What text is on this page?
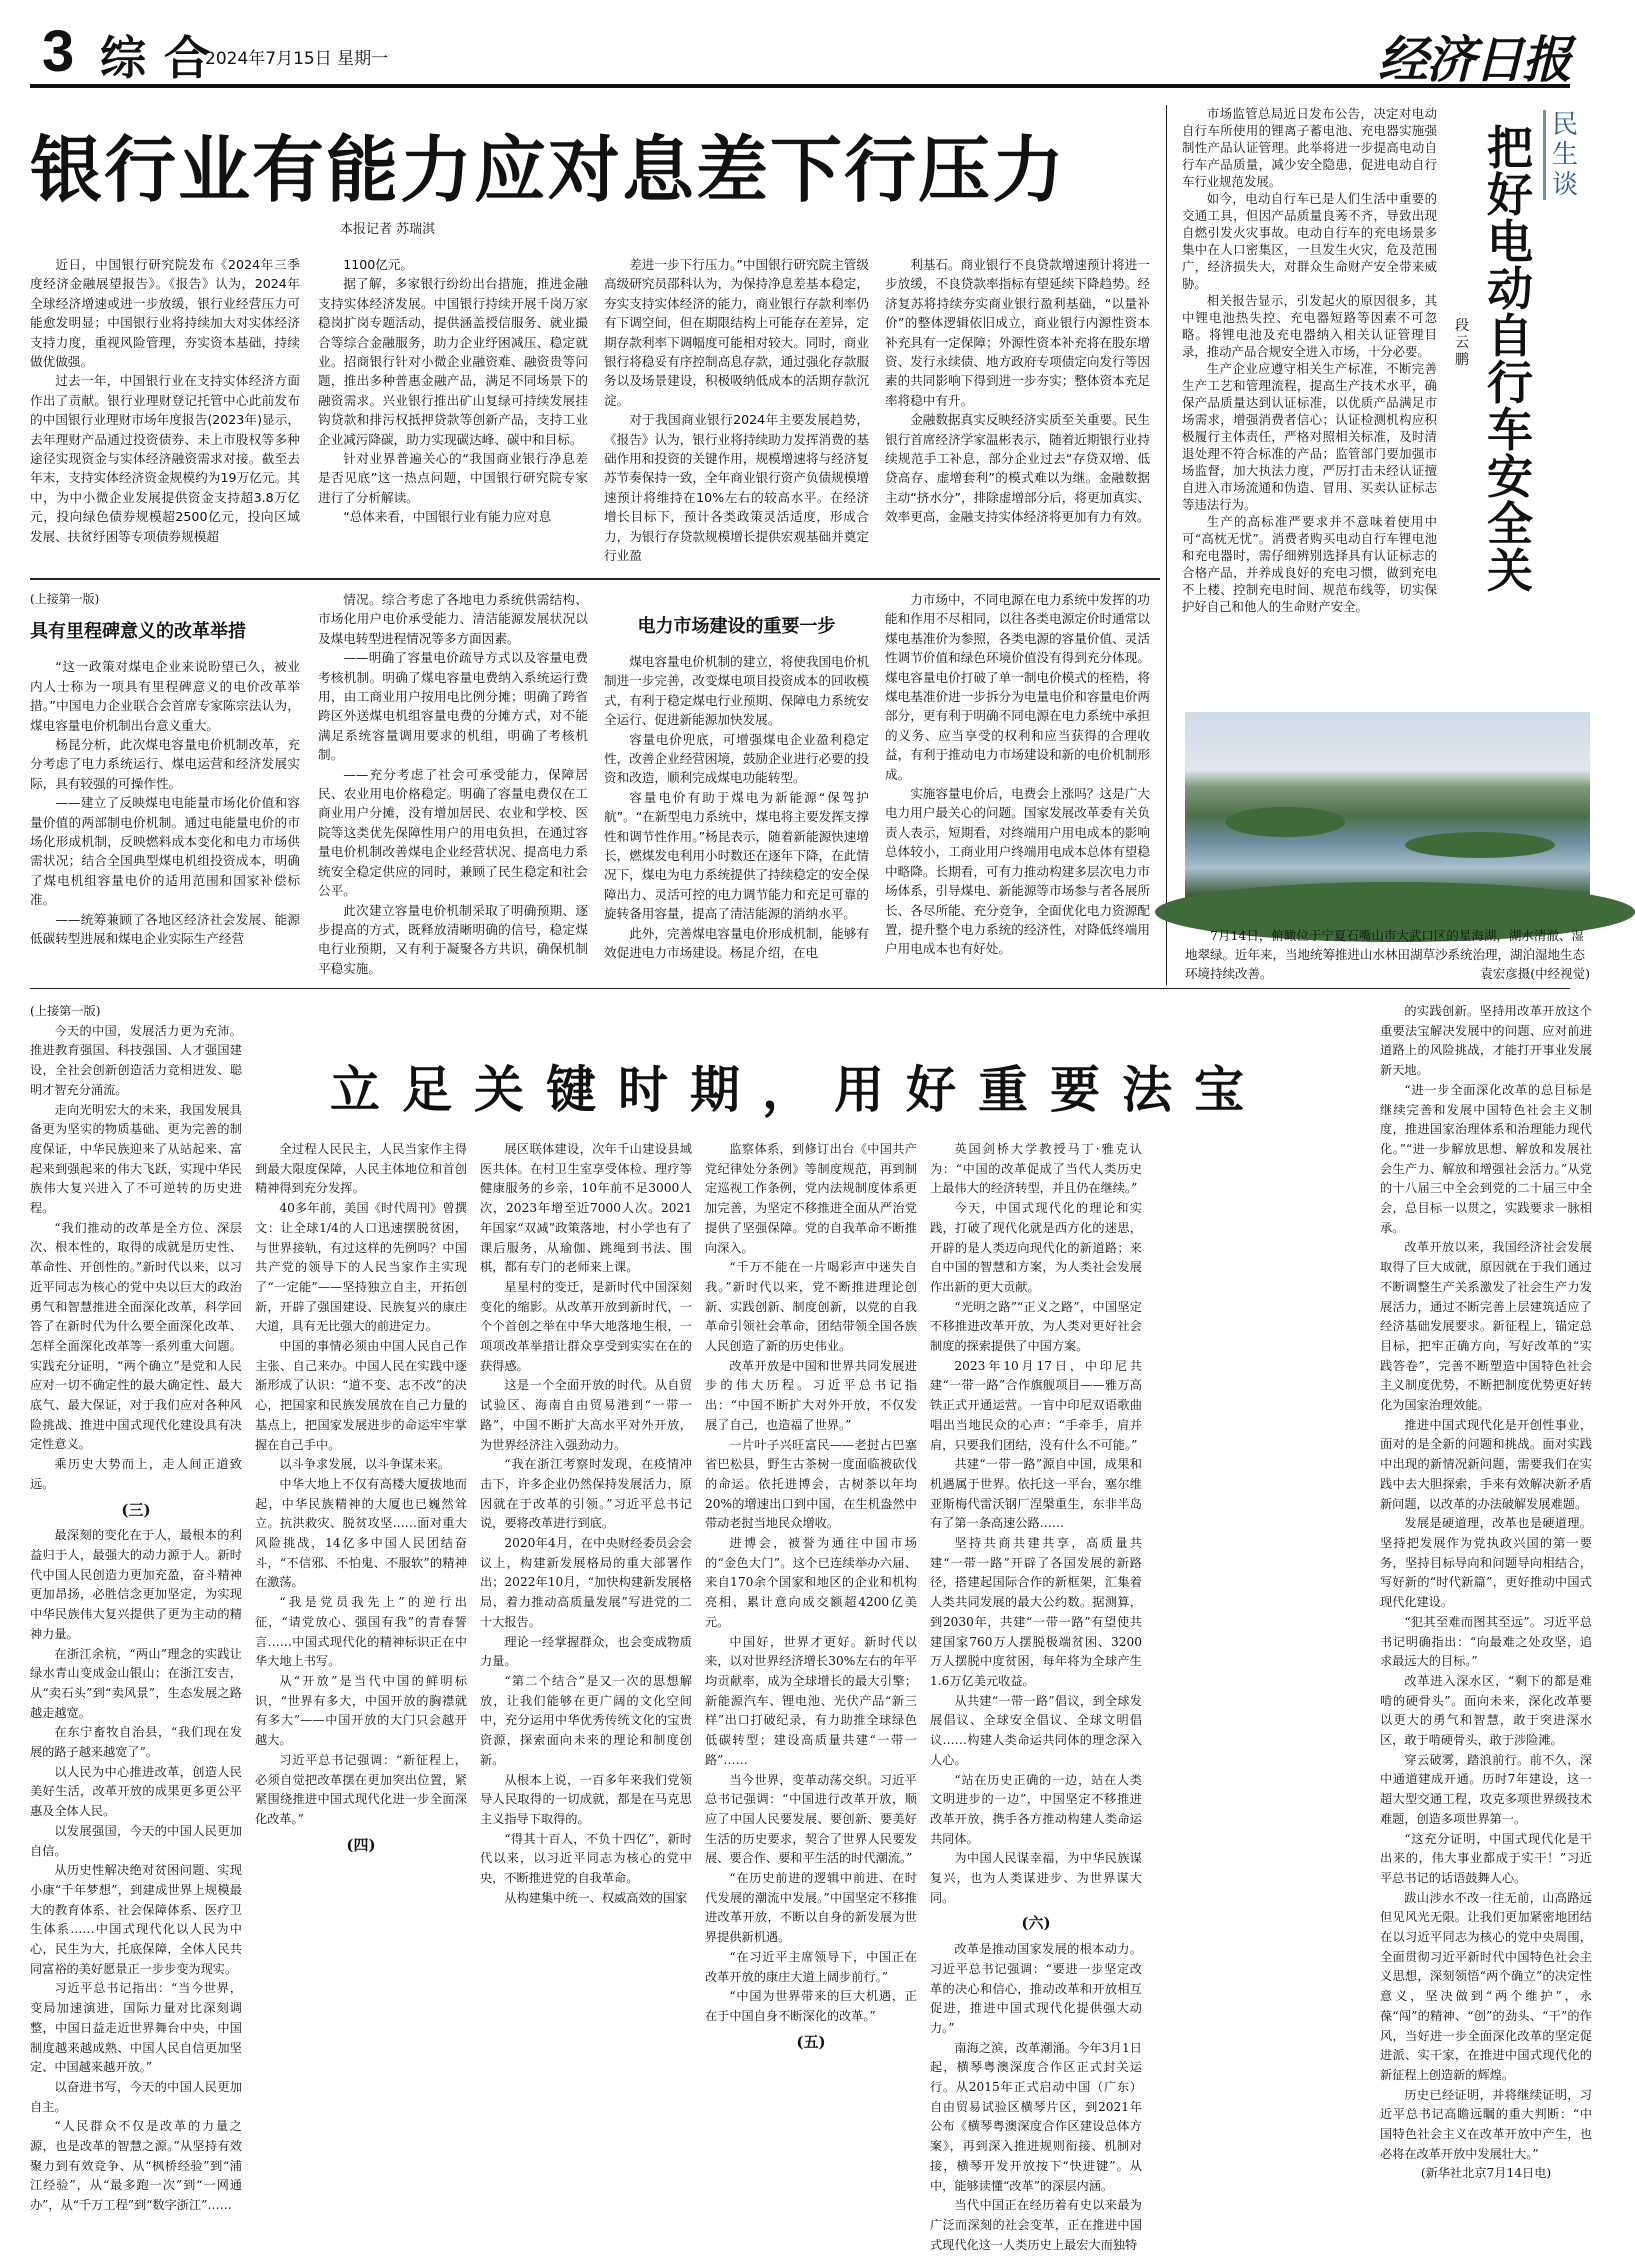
3 综合
2024年7月15日 星期一	经济日报
银行业有能力应对息差下行压力
本报记者 苏瑞淇

近日，中国银行研究院发布《2024年三季度经济金融展望报告》。《报告》认为，2024年全球经济增速或进一步放缓，银行业经营压力可能愈发明显；中国银行业将持续加大对实体经济支持力度，重视风险管理，夯实资本基础，持续做优做强。

过去一年，中国银行业在支持实体经济方面作出了贡献。银行业理财登记托管中心此前发布的中国银行业理财市场年度报告(2023年)显示，去年理财产品通过投资债券、未上市股权等多种途径实现资金与实体经济融资需求对接。截至去年末，支持实体经济资金规模约为19万亿元。其中，为中小微企业发展提供资金支持超3.8万亿元，投向绿色债券规模超2500亿元，投向区域发展、扶贫纾困等专项债券规模超

1100亿元。

据了解，多家银行纷纷出台措施，推进金融支持实体经济发展。中国银行持续开展千岗万家稳岗扩岗专题活动，提供涵盖授信服务、就业撮合等综合金融服务，助力企业纾困减压、稳定就业。招商银行针对小微企业融资难、融资贵等问题，推出多种普惠金融产品，满足不同场景下的融资需求。兴业银行推出矿山复绿可持续发展挂钩贷款和排污权抵押贷款等创新产品，支持工业企业减污降碳，助力实现碳达峰、碳中和目标。

针对业界普遍关心的“我国商业银行净息差是否见底”这一热点问题，中国银行研究院专家进行了分析解读。

“总体来看，中国银行业有能力应对息

差进一步下行压力。”中国银行研究院主管级高级研究员邵科认为，为保持净息差基本稳定，夯实支持实体经济的能力，商业银行存款利率仍有下调空间，但在期限结构上可能存在差异，定期存款利率下调幅度可能相对较大。同时，商业银行将稳妥有序控制高息存款，通过强化存款服务以及场景建设，积极吸纳低成本的活期存款沉淀。

对于我国商业银行2024年主要发展趋势，《报告》认为，银行业将持续助力发挥消费的基础作用和投资的关键作用，规模增速将与经济复苏节奏保持一致，全年商业银行资产负债规模增速预计将维持在10%左右的较高水平。在经济增长目标下，预计各类政策灵活适度，形成合力，为银行存贷款规模增长提供宏观基础并奠定行业盈

利基石。商业银行不良贷款增速预计将进一步放缓，不良贷款率指标有望延续下降趋势。经济复苏将持续夯实商业银行盈利基础，“以量补价”的整体逻辑依旧成立，商业银行内源性资本补充具有一定保障；外源性资本补充将在股东增资、发行永续债、地方政府专项债定向发行等因素的共同影响下得到进一步夯实；整体资本充足率将稳中有升。

金融数据真实反映经济实质至关重要。民生银行首席经济学家温彬表示，随着近期银行业持续规范手工补息，部分企业过去“存贷双增、低贷高存、虚增套利”的模式难以为继。金融数据主动“挤水分”，排除虚增部分后，将更加真实、效率更高，金融支持实体经济将更加有力有效。

(上接第一版)

具有里程碑意义的改革举措

“这一政策对煤电企业来说盼望已久，被业内人士称为一项具有里程碑意义的电价改革举措。”中国电力企业联合会首席专家陈宗法认为，煤电容量电价机制出台意义重大。

杨昆分析，此次煤电容量电价机制改革，充分考虑了电力系统运行、煤电运营和经济发展实际，具有较强的可操作性。

——建立了反映煤电电能量市场化价值和容量价值的两部制电价机制。通过电能量电价的市场化形成机制，反映燃料成本变化和电力市场供需状况；结合全国典型煤电机组投资成本，明确了煤电机组容量电价的适用范围和国家补偿标准。

——统筹兼顾了各地区经济社会发展、能源低碳转型进展和煤电企业实际生产经营

情况。综合考虑了各地电力系统供需结构、市场化用户电价承受能力、清洁能源发展状况以及煤电转型进程情况等多方面因素。

——明确了容量电价疏导方式以及容量电费考核机制。明确了煤电容量电费纳入系统运行费用，由工商业用户按用电比例分摊；明确了跨省跨区外送煤电机组容量电费的分摊方式，对不能满足系统容量调用要求的机组，明确了考核机制。

——充分考虑了社会可承受能力，保障居民、农业用电价格稳定。明确了容量电费仅在工商业用户分摊，没有增加居民、农业和学校、医院等这类优先保障性用户的用电负担，在通过容量电价机制改善煤电企业经营状况、提高电力系统安全稳定供应的同时，兼顾了民生稳定和社会公平。

此次建立容量电价机制采取了明确预期、逐步提高的方式，既释放清晰明确的信号，稳定煤电行业预期，又有利于凝聚各方共识，确保机制平稳实施。

电力市场建设的重要一步

煤电容量电价机制的建立，将使我国电价机制进一步完善，改变煤电项目投资成本的回收模式，有利于稳定煤电行业预期、保障电力系统安全运行、促进新能源加快发展。

容量电价兜底，可增强煤电企业盈利稳定性，改善企业经营困境，鼓励企业进行必要的投资和改造，顺利完成煤电功能转型。

容量电价有助于煤电为新能源“保驾护航”。“在新型电力系统中，煤电将主要发挥支撑性和调节性作用。”杨昆表示，随着新能源快速增长，燃煤发电利用小时数还在逐年下降，在此情况下，煤电为电力系统提供了持续稳定的安全保障出力、灵活可控的电力调节能力和充足可靠的旋转备用容量，提高了清洁能源的消纳水平。

此外，完善煤电容量电价形成机制，能够有效促进电力市场建设。杨昆介绍，在电

力市场中，不同电源在电力系统中发挥的功能和作用不尽相同，以往各类电源定价时通常以煤电基准价为参照，各类电源的容量价值、灵活性调节价值和绿色环境价值没有得到充分体现。煤电容量电价打破了单一制电价模式的桎梏，将煤电基准价进一步拆分为电量电价和容量电价两部分，更有利于明确不同电源在电力系统中承担的义务、应当享受的权利和应当获得的合理收益，有利于推动电力市场建设和新的电价机制形成。

实施容量电价后，电费会上涨吗？这是广大电力用户最关心的问题。国家发展改革委有关负责人表示，短期看，对终端用户用电成本的影响总体较小，工商业用户终端用电成本总体有望稳中略降。长期看，可有力推动构建多层次电力市场体系，引导煤电、新能源等市场参与者各展所长、各尽所能、充分竞争，全面优化电力资源配置，提升整个电力系统的经济性，对降低终端用户用电成本也有好处。

市场监管总局近日发布公告，决定对电动自行车所使用的锂离子蓄电池、充电器实施强制性产品认证管理。此举将进一步提高电动自行车产品质量，减少安全隐患，促进电动自行车行业规范发展。

如今，电动自行车已是人们生活中重要的交通工具，但因产品质量良莠不齐，导致出现自燃引发火灾事故。电动自行车的充电场景多集中在人口密集区，一旦发生火灾，危及范围广，经济损失大，对群众生命财产安全带来威胁。

相关报告显示，引发起火的原因很多，其中锂电池热失控、充电器短路等因素不可忽略。将锂电池及充电器纳入相关认证管理目录，推动产品合规安全进入市场，十分必要。

生产企业应遵守相关生产标准，不断完善生产工艺和管理流程，提高生产技术水平，确保产品质量达到认证标准，以优质产品满足市场需求，增强消费者信心；认证检测机构应积极履行主体责任，严格对照相关标准，及时清退处理不符合标准的产品；监管部门要加强市场监督，加大执法力度，严厉打击未经认证擅自进入市场流通和伪造、冒用、买卖认证标志等违法行为。

生产的高标准严要求并不意味着使用中可“高枕无忧”。消费者购买电动自行车锂电池和充电器时，需仔细辨别选择具有认证标志的合格产品，并养成良好的充电习惯，做到充电不上楼、控制充电时间、规范布线等，切实保护好自己和他人的生命财产安全。

民
生
谈
把
好
电
动
自
行
车
安
全
关
段
云
鹏
7月14日，俯瞰位于宁夏石嘴山市大武口区的星海湖，湖水清澈、湿地翠绿。近年来，当地统筹推进山水林田湖草沙系统治理，湖泊湿地生态环境持续改善。	袁宏彦摄(中经视觉)
立足关键时期，用好重要法宝

(上接第一版)

今天的中国，发展活力更为充沛。推进教育强国、科技强国、人才强国建设，全社会创新创造活力竞相迸发、聪明才智充分涌流。

走向光明宏大的未来，我国发展具备更为坚实的物质基础、更为完善的制度保证，中华民族迎来了从站起来、富起来到强起来的伟大飞跃，实现中华民族伟大复兴进入了不可逆转的历史进程。

“我们推动的改革是全方位、深层次、根本性的，取得的成就是历史性、革命性、开创性的。”新时代以来，以习近平同志为核心的党中央以巨大的政治勇气和智慧推进全面深化改革，科学回答了在新时代为什么要全面深化改革、怎样全面深化改革等一系列重大问题。实践充分证明，“两个确立”是党和人民应对一切不确定性的最大确定性、最大底气、最大保证，对于我们应对各种风险挑战、推进中国式现代化建设具有决定性意义。

乘历史大势而上，走人间正道致远。

(三)

最深刻的变化在于人，最根本的利益归于人，最强大的动力源于人。新时代中国人民创造力更加充盈，奋斗精神更加昂扬，必胜信念更加坚定，为实现中华民族伟大复兴提供了更为主动的精神力量。

在浙江余杭，“两山”理念的实践让绿水青山变成金山银山；在浙江安吉，从“卖石头”到“卖风景”，生态发展之路越走越宽。

在东宁畜牧自治县，“我们现在发展的路子越来越宽了”。

以人民为中心推进改革，创造人民美好生活，改革开放的成果更多更公平惠及全体人民。

以发展强国，今天的中国人民更加自信。

从历史性解决绝对贫困问题、实现小康“千年梦想”，到建成世界上规模最大的教育体系、社会保障体系、医疗卫生体系……中国式现代化以人民为中心，民生为大，托底保障，全体人民共同富裕的美好愿景正一步步变为现实。

习近平总书记指出：“当今世界，变局加速演进，国际力量对比深刻调整，中国日益走近世界舞台中央，中国制度越来越成熟、中国人民自信更加坚定、中国越来越开放。”

以奋进书写，今天的中国人民更加自主。

“人民群众不仅是改革的力量之源，也是改革的智慧之源。”从坚持有效聚力到有效竞争、从“枫桥经验”到“浦江经验”，从“最多跑一次”到“一网通办”，从“千万工程”到“数字浙江”……

全过程人民民主，人民当家作主得到最大限度保障，人民主体地位和首创精神得到充分发挥。

40多年前，美国《时代周刊》曾撰文：让全球1/4的人口迅速摆脱贫困，与世界接轨，有过这样的先例吗？中国共产党的领导下的人民当家作主实现了“一定能”——坚持独立自主，开拓创新，开辟了强国建设、民族复兴的康庄大道，具有无比强大的前进定力。

中国的事情必须由中国人民自己作主张、自己来办。中国人民在实践中逐渐形成了认识：“道不变、志不改”的决心，把国家和民族发展放在自己力量的基点上，把国家发展进步的命运牢牢掌握在自己手中。

以斗争求发展，以斗争谋未来。

中华大地上不仅有高楼大厦拔地而起，中华民族精神的大厦也已巍然耸立。抗洪救灾、脱贫攻坚……面对重大风险挑战，14亿多中国人民团结奋斗，“不信邪、不怕鬼、不服软”的精神在激荡。

“我是党员我先上”的逆行出征，“请党放心、强国有我”的青春誓言……中国式现代化的精神标识正在中华大地上书写。

从“开放”是当代中国的鲜明标识，“世界有多大，中国开放的胸襟就有多大”——中国开放的大门只会越开越大。

习近平总书记强调：“新征程上，必须自觉把改革摆在更加突出位置，紧紧围绕推进中国式现代化进一步全面深化改革。”

(四)

展区联体建设，次年千山建设县域医共体。在村卫生室享受体检、理疗等健康服务的乡亲，10年前不足3000人次，2023年增至近7000人次。2021年国家“双减”政策落地，村小学也有了课后服务，从瑜伽、跳绳到书法、围棋，都有专门的老师来上课。

星星村的变迁，是新时代中国深刻变化的缩影。从改革开放到新时代，一个个首创之举在中华大地落地生根，一项项改革举措让群众享受到实实在在的获得感。

这是一个全面开放的时代。从自贸试验区、海南自由贸易港到“一带一路”，中国不断扩大高水平对外开放，为世界经济注入强劲动力。

“我在浙江考察时发现，在疫情冲击下，许多企业仍然保持发展活力，原因就在于改革的引领。”习近平总书记说，要将改革进行到底。

2020年4月，在中央财经委员会会议上，构建新发展格局的重大部署作出；2022年10月，“加快构建新发展格局，着力推动高质量发展”写进党的二十大报告。

理论一经掌握群众，也会变成物质力量。

“第二个结合”是又一次的思想解放，让我们能够在更广阔的文化空间中，充分运用中华优秀传统文化的宝贵资源，探索面向未来的理论和制度创新。

从根本上说，一百多年来我们党领导人民取得的一切成就，都是在马克思主义指导下取得的。

“得其十百人，不负十四亿”，新时代以来，以习近平同志为核心的党中央，不断推进党的自我革命。

从构建集中统一、权威高效的国家

监察体系，到修订出台《中国共产党纪律处分条例》等制度规范，再到制定巡视工作条例，党内法规制度体系更加完善，为坚定不移推进全面从严治党提供了坚强保障。党的自我革命不断推向深入。

“千万不能在一片喝彩声中迷失自我。”新时代以来，党不断推进理论创新、实践创新、制度创新，以党的自我革命引领社会革命，团结带领全国各族人民创造了新的历史伟业。

改革开放是中国和世界共同发展进步的伟大历程。习近平总书记指出：“中国不断扩大对外开放，不仅发展了自己，也造福了世界。”

一片叶子兴旺富民——老挝占巴塞省巴松县，野生古茶树一度面临被砍伐的命运。依托进博会，古树茶以年均20%的增速出口到中国，在生机盎然中带动老挝当地民众增收。

进博会，被誉为通往中国市场的“金色大门”。这个已连续举办六届、来自170余个国家和地区的企业和机构亮相，累计意向成交额超4200亿美元。

中国好，世界才更好。新时代以来，以对世界经济增长30%左右的年平均贡献率，成为全球增长的最大引擎；新能源汽车、锂电池、光伏产品“新三样”出口打破纪录，有力助推全球绿色低碳转型；建设高质量共建“一带一路”……

当今世界，变革动荡交织。习近平总书记强调：“中国进行改革开放，顺应了中国人民要发展、要创新、要美好生活的历史要求，契合了世界人民要发展、要合作、要和平生活的时代潮流。”

“在历史前进的逻辑中前进、在时代发展的潮流中发展。”中国坚定不移推进改革开放，不断以自身的新发展为世界提供新机遇。

“在习近平主席领导下，中国正在改革开放的康庄大道上阔步前行。”

“中国为世界带来的巨大机遇，正在于中国自身不断深化的改革。”

(五)

英国剑桥大学教授马丁·雅克认为：“中国的改革促成了当代人类历史上最伟大的经济转型，并且仍在继续。”

今天，中国式现代化的理论和实践，打破了现代化就是西方化的迷思，开辟的是人类迈向现代化的新道路；来自中国的智慧和方案，为人类社会发展作出新的更大贡献。

“光明之路”“正义之路”，中国坚定不移推进改革开放，为人类对更好社会制度的探索提供了中国方案。

2023年10月17日，中印尼共建“一带一路”合作旗舰项目——雅万高铁正式开通运营。一盲中印尼双语歌曲唱出当地民众的心声：“手牵手，肩并肩，只要我们团结，没有什么不可能。”

共建“一带一路”源自中国，成果和机遇属于世界。依托这一平台，塞尔维亚斯梅代雷沃钢厂涅槃重生，东非半岛有了第一条高速公路……

坚持共商共建共享，高质量共建“一带一路”开辟了各国发展的新路径，搭建起国际合作的新框架，汇集着人类共同发展的最大公约数。据测算，到2030年，共建“一带一路”有望使共建国家760万人摆脱极端贫困、3200万人摆脱中度贫困，每年将为全球产生1.6万亿美元收益。

从共建“一带一路”倡议，到全球发展倡议、全球安全倡议、全球文明倡议……构建人类命运共同体的理念深入人心。

“站在历史正确的一边，站在人类文明进步的一边”，中国坚定不移推进改革开放，携手各方推动构建人类命运共同体。

为中国人民谋幸福，为中华民族谋复兴，也为人类谋进步、为世界谋大同。

(六)

改革是推动国家发展的根本动力。习近平总书记强调：“要进一步坚定改革的决心和信心，推动改革和开放相互促进，推进中国式现代化提供强大动力。”

南海之滨，改革潮涌。今年3月1日起，横琴粤澳深度合作区正式封关运行。从2015年正式启动中国（广东）自由贸易试验区横琴片区，到2021年公布《横琴粤澳深度合作区建设总体方案》，再到深入推进规则衔接、机制对接，横琴开发开放按下“快进键”。从中，能够读懂“改革”的深层内涵。

当代中国正在经历着有史以来最为广泛而深刻的社会变革，正在推进中国式现代化这一人类历史上最宏大而独特

的实践创新。坚持用改革开放这个重要法宝解决发展中的问题、应对前进道路上的风险挑战，才能打开事业发展新天地。

“进一步全面深化改革的总目标是继续完善和发展中国特色社会主义制度，推进国家治理体系和治理能力现代化。”“进一步解放思想、解放和发展社会生产力、解放和增强社会活力。”从党的十八届三中全会到党的二十届三中全会，总目标一以贯之，实践要求一脉相承。

改革开放以来，我国经济社会发展取得了巨大成就，原因就在于我们通过不断调整生产关系激发了社会生产力发展活力，通过不断完善上层建筑适应了经济基础发展要求。新征程上，锚定总目标，把牢正确方向，写好改革的“实践答卷”，完善不断塑造中国特色社会主义制度优势，不断把制度优势更好转化为国家治理效能。

推进中国式现代化是开创性事业，面对的是全新的问题和挑战。面对实践中出现的新情况新问题，需要我们在实践中去大胆探索，手来有效解决新矛盾新问题，以改革的办法破解发展难题。

发展是硬道理，改革也是硬道理。坚持把发展作为党执政兴国的第一要务，坚持目标导向和问题导向相结合，写好新的“时代新篇”，更好推动中国式现代化建设。

“犯其至难而图其至远”。习近平总书记明确指出：“向最难之处攻坚，追求最远大的目标。”

改革进入深水区，“剩下的都是难啃的硬骨头”。面向未来，深化改革要以更大的勇气和智慧，敢于突进深水区，敢于啃硬骨头，敢于涉险滩。

穿云破雾，踏浪前行。前不久，深中通道建成开通。历时7年建设，这一超大型交通工程，攻克多项世界级技术难题，创造多项世界第一。

“这充分证明，中国式现代化是干出来的，伟大事业都成于实干！”习近平总书记的话语鼓舞人心。

跋山涉水不改一往无前，山高路远但见风光无限。让我们更加紧密地团结在以习近平同志为核心的党中央周围，全面贯彻习近平新时代中国特色社会主义思想，深刻领悟“两个确立”的决定性意义，坚决做到“两个维护”，永葆“闯”的精神、“创”的劲头、“干”的作风，当好进一步全面深化改革的坚定促进派、实干家，在推进中国式现代化的新征程上创造新的辉煌。

历史已经证明，并将继续证明，习近平总书记高瞻远瞩的重大判断：“中国特色社会主义在改革开放中产生，也必将在改革开放中发展壮大。”

(新华社北京7月14日电)
